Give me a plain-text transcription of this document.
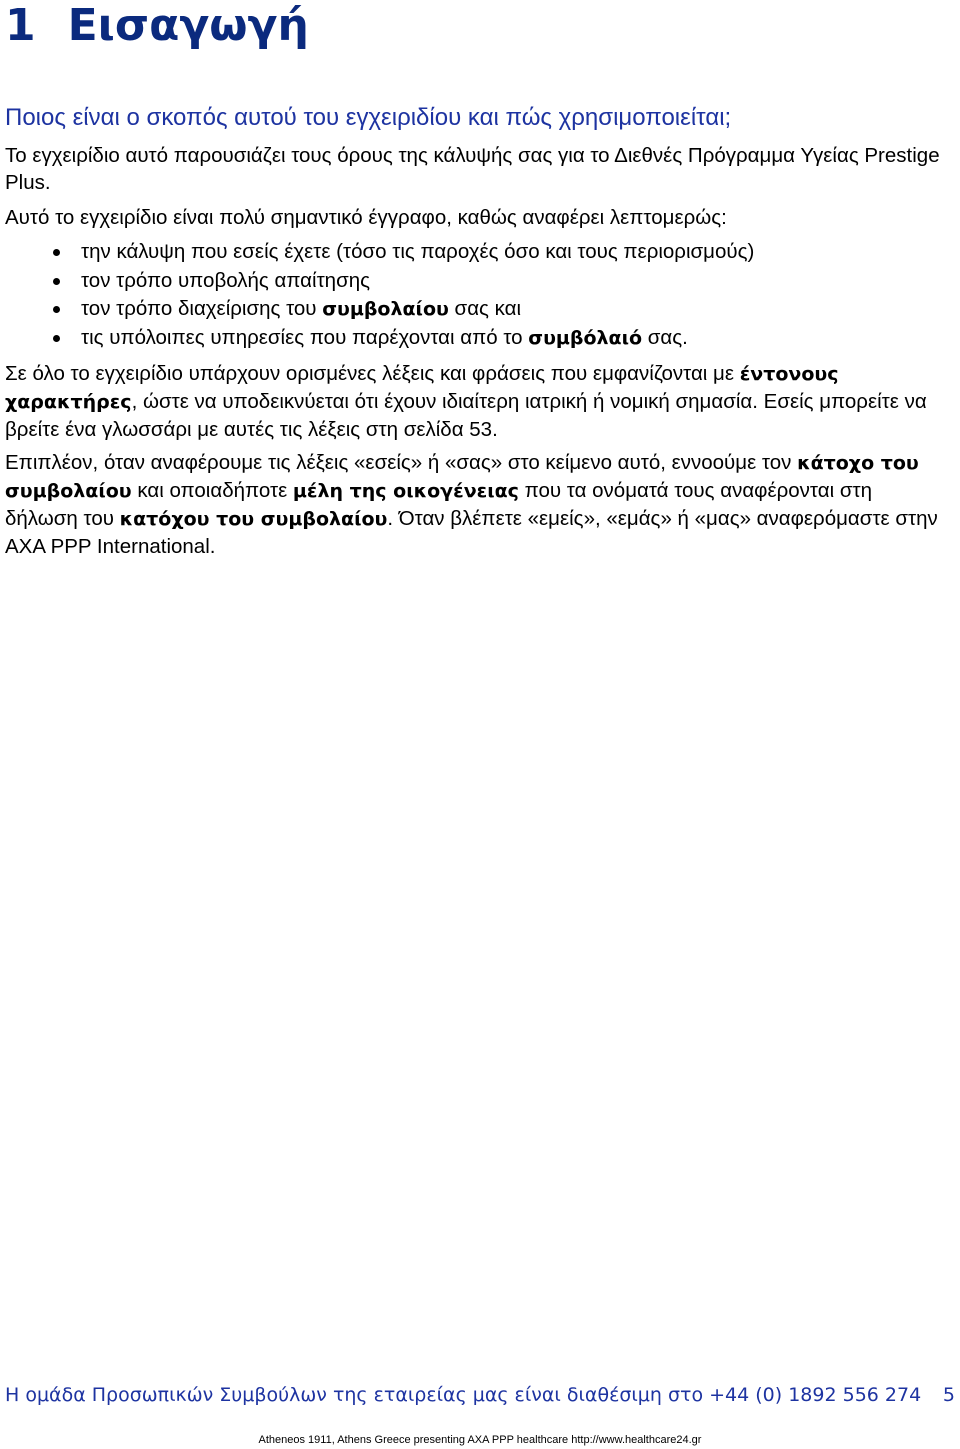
1 Εισαγωγή
Ποιος είναι ο σκοπός αυτού του εγχειριδίου και πώς χρησιμοποιείται;

Το εγχειρίδιο αυτό παρουσιάζει τους όρους της κάλυψής σας για το Διεθνές Πρόγραμμα Υγείας Prestige Plus.

Αυτό το εγχειρίδιο είναι πολύ σημαντικό έγγραφο, καθώς αναφέρει λεπτομερώς:

την κάλυψη που εσείς έχετε (τόσο τις παροχές όσο και τους περιορισμούς)
τον τρόπο υποβολής απαίτησης
τον τρόπο διαχείρισης του συμβολαίου σας και
τις υπόλοιπες υπηρεσίες που παρέχονται από το συμβόλαιό σας.

Σε όλο το εγχειρίδιο υπάρχουν ορισμένες λέξεις και φράσεις που εμφανίζονται με έντονους χαρακτήρες, ώστε να υποδεικνύεται ότι έχουν ιδιαίτερη ιατρική ή νομική σημασία. Εσείς μπορείτε να βρείτε ένα γλωσσάρι με αυτές τις λέξεις στη σελίδα 53.

Επιπλέον, όταν αναφέρουμε τις λέξεις «εσείς» ή «σας» στο κείμενο αυτό, εννοούμε τον κάτοχο του συμβολαίου και οποιαδήποτε μέλη της οικογένειας που τα ονόματά τους αναφέρονται στη δήλωση του κατόχου του συμβολαίου. Όταν βλέπετε «εμείς», «εμάς» ή «μας» αναφερόμαστε στην AXA PPP International.

Η ομάδα Προσωπικών Συμβούλων της εταιρείας μας είναι διαθέσιμη στο +44 (0) 1892 556 274 5
Atheneos 1911, Athens Greece presenting AXA PPP healthcare http://www.healthcare24.gr
